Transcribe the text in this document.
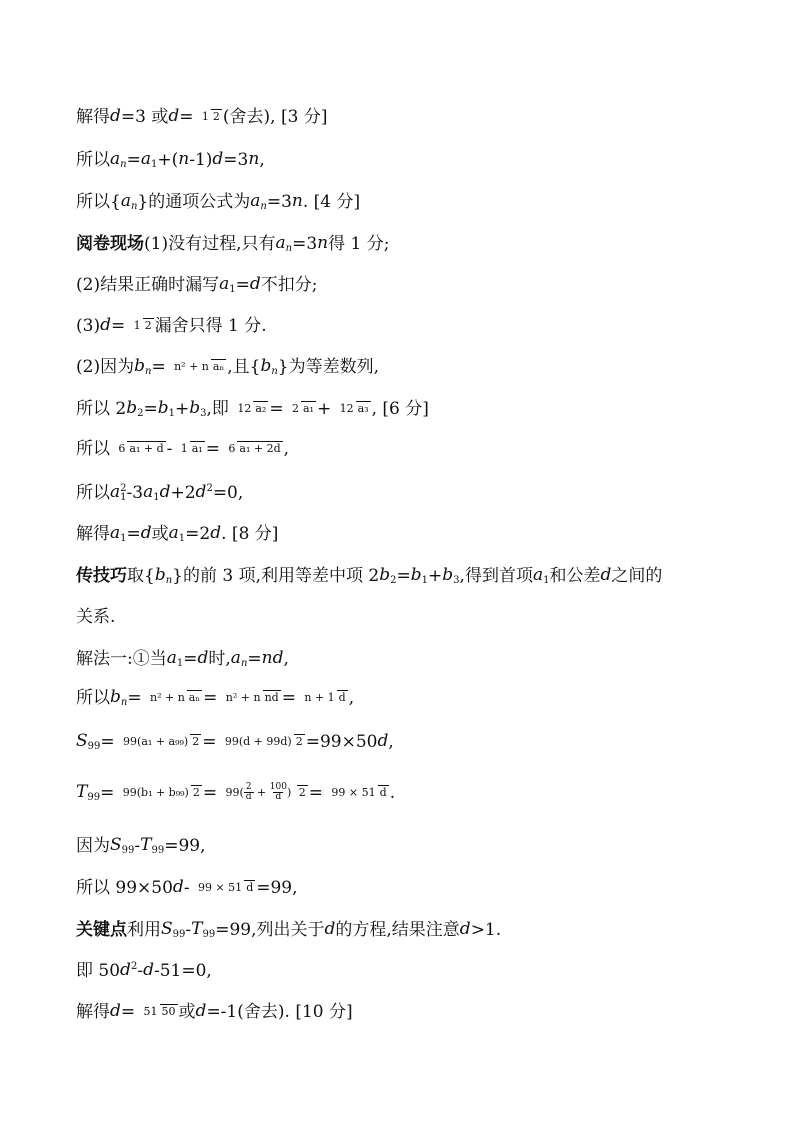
解得d=3 或d= 1 2 (舍去), [3 分]
所以$a_n=a_1+(n-1)d=3n$,
所以$\{a_n\}$的通项公式为$a_n=3n$. [4 分]
阅卷现场(1)没有过程,只有$a_n=3n$得 1 分;
(2)结果正确时漏写$a_1=d$不扣分;
(3)d= 1 2 漏舍只得 1 分.
(2)因为$b_n= n^2 + n$ aₙ ,且$\{b_n\}$为等差数列,
所以 $2b_2=b_1+b_3$,即 12 a₂ = 2 a₁ + 12 a₃ , [6 分]
所以 6 a₁ + d - 1 a₁ = 6 a₁ + 2d ,
所以a 2
1 $-3a_1d+2d^2=0$,
解得$a_1=d$或$a_1=2d$. [8 分]
传技巧取$\{b_n\}$的前 3 项,利用等差中项 $2b_2=b_1+b_3$,得到首项$a_1$和公差d之间的
关系.
解法一:①当$a_1=d$时$,a_n=nd$,
所以$b_n= n^2 + n$ aₙ = n² + n nd = n + 1 d ,
$S_{99}= 99(a_1 + a_{99}) 2 = 99(d + 99d)$ 2 =99×50d,
$T_{99}= 99(b_1 + b_{99}) 2 = 99( \frac{2}{d} + \frac{100}{d}$ ) 2 = 99 × 51 d .
因为$S_{99}-T_{99}=99$,
所以 99×50d- 99 × 51 d =99,
关键点利用$S_{99}-T_{99}=99$,列出关于d的方程,结果注意d>1.
即 $50d^2-d-51=0$,
解得d= 51 50 或d=-1(舍去). [10 分]
